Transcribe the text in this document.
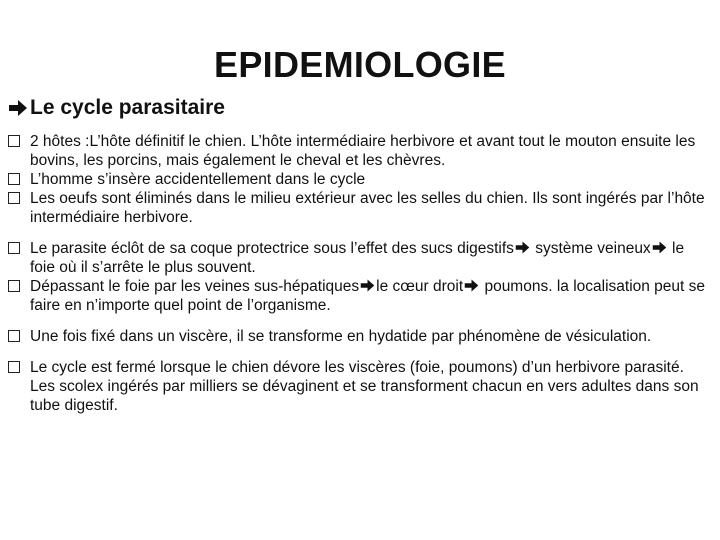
EPIDEMIOLOGIE
Le cycle parasitaire
2 hôtes :L’hôte définitif le chien. L’hôte intermédiaire herbivore et avant tout le mouton ensuite les bovins, les porcins, mais également le cheval et les chèvres.
L’homme s’insère accidentellement dans le cycle
Les oeufs sont éliminés dans le milieu extérieur avec les selles du chien. Ils sont ingérés par l’hôte intermédiaire herbivore.
Le parasite éclôt de sa coque protectrice sous l’effet des sucs digestifs
système veineux
le foie où il s’arrête le plus souvent.
Dépassant le foie par les veines sus-hépatiques le cœur droit
poumons. la localisation peut se faire en n’importe quel point de l’organisme.
Une fois fixé dans un viscère, il se transforme en hydatide par phénomène de vésiculation.
Le cycle est fermé lorsque le chien dévore les viscères (foie, poumons) d’un herbivore parasité. Les scolex ingérés par milliers se dévaginent et se transforment chacun en vers adultes dans son tube digestif.
